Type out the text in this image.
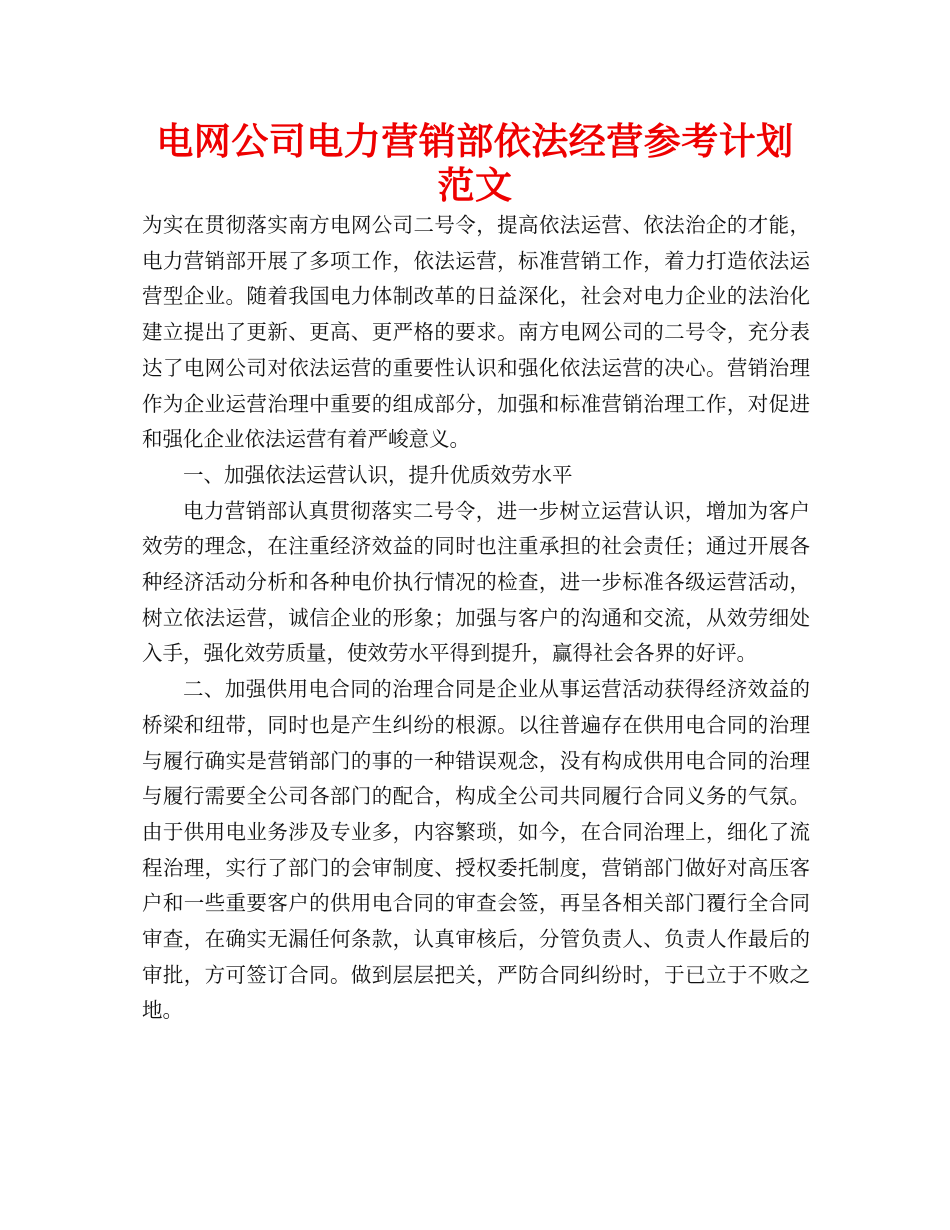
电网公司电力营销部依法经营参考计划范文

为实在贯彻落实南方电网公司二号令，提高依法运营、依法治企的才能，电力营销部开展了多项工作，依法运营，标准营销工作，着力打造依法运营型企业。随着我国电力体制改革的日益深化，社会对电力企业的法治化建立提出了更新、更高、更严格的要求。南方电网公司的二号令，充分表达了电网公司对依法运营的重要性认识和强化依法运营的决心。营销治理作为企业运营治理中重要的组成部分，加强和标准营销治理工作，对促进和强化企业依法运营有着严峻意义。

一、加强依法运营认识，提升优质效劳水平

电力营销部认真贯彻落实二号令，进一步树立运营认识，增加为客户效劳的理念，在注重经济效益的同时也注重承担的社会责任；通过开展各种经济活动分析和各种电价执行情况的检查，进一步标准各级运营活动，树立依法运营，诚信企业的形象；加强与客户的沟通和交流，从效劳细处入手，强化效劳质量，使效劳水平得到提升，赢得社会各界的好评。

二、加强供用电合同的治理合同是企业从事运营活动获得经济效益的桥梁和纽带，同时也是产生纠纷的根源。以往普遍存在供用电合同的治理与履行确实是营销部门的事的一种错误观念，没有构成供用电合同的治理与履行需要全公司各部门的配合，构成全公司共同履行合同义务的气氛。由于供用电业务涉及专业多，内容繁琐，如今，在合同治理上，细化了流程治理，实行了部门的会审制度、授权委托制度，营销部门做好对高压客户和一些重要客户的供用电合同的审查会签，再呈各相关部门覆行全合同审查，在确实无漏任何条款，认真审核后，分管负责人、负责人作最后的审批，方可签订合同。做到层层把关，严防合同纠纷时，于已立于不败之地。
